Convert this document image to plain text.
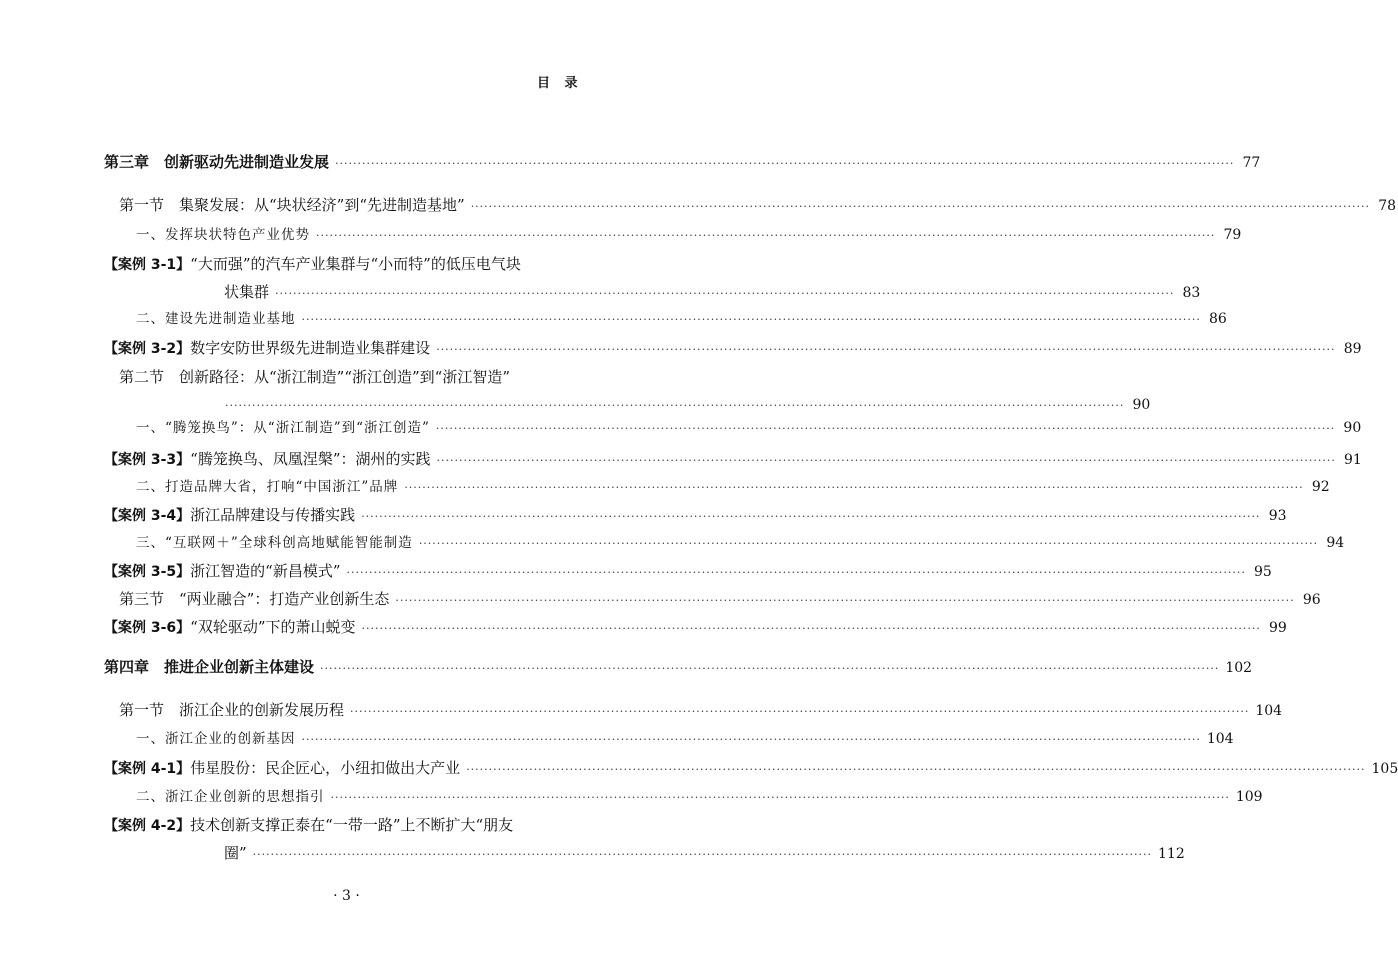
目 录
第三章　创新驱动先进制造业发展 ········································································································································································································ 77
第一节　集聚发展：从“块状经济”到“先进制造基地” ········································································································································································································ 78
一、发挥块状特色产业优势 ········································································································································································································ 79
【案例 3-1】“大而强”的汽车产业集群与“小而特”的低压电气块
状集群 ········································································································································································································ 83
二、建设先进制造业基地 ········································································································································································································ 86
【案例 3-2】数字安防世界级先进制造业集群建设 ········································································································································································································ 89
第二节　创新路径：从“浙江制造”“浙江创造”到“浙江智造”
········································································································································································································ 90
一、“腾笼换鸟”：从“浙江制造”到“浙江创造” ········································································································································································································ 90
【案例 3-3】“腾笼换鸟、凤凰涅槃”：湖州的实践 ········································································································································································································ 91
二、打造品牌大省，打响“中国浙江”品牌 ········································································································································································································ 92
【案例 3-4】浙江品牌建设与传播实践 ········································································································································································································ 93
三、“互联网＋”全球科创高地赋能智能制造 ········································································································································································································ 94
【案例 3-5】浙江智造的“新昌模式” ········································································································································································································ 95
第三节　“两业融合”：打造产业创新生态 ········································································································································································································ 96
【案例 3-6】“双轮驱动”下的萧山蜕变 ········································································································································································································ 99
第四章　推进企业创新主体建设 ········································································································································································································ 102
第一节　浙江企业的创新发展历程 ········································································································································································································ 104
一、浙江企业的创新基因 ········································································································································································································ 104
【案例 4-1】伟星股份：民企匠心，小纽扣做出大产业 ········································································································································································································ 105
二、浙江企业创新的思想指引 ········································································································································································································ 109
【案例 4-2】技术创新支撑正泰在“一带一路”上不断扩大“朋友
圈” ········································································································································································································ 112
· 3 ·
